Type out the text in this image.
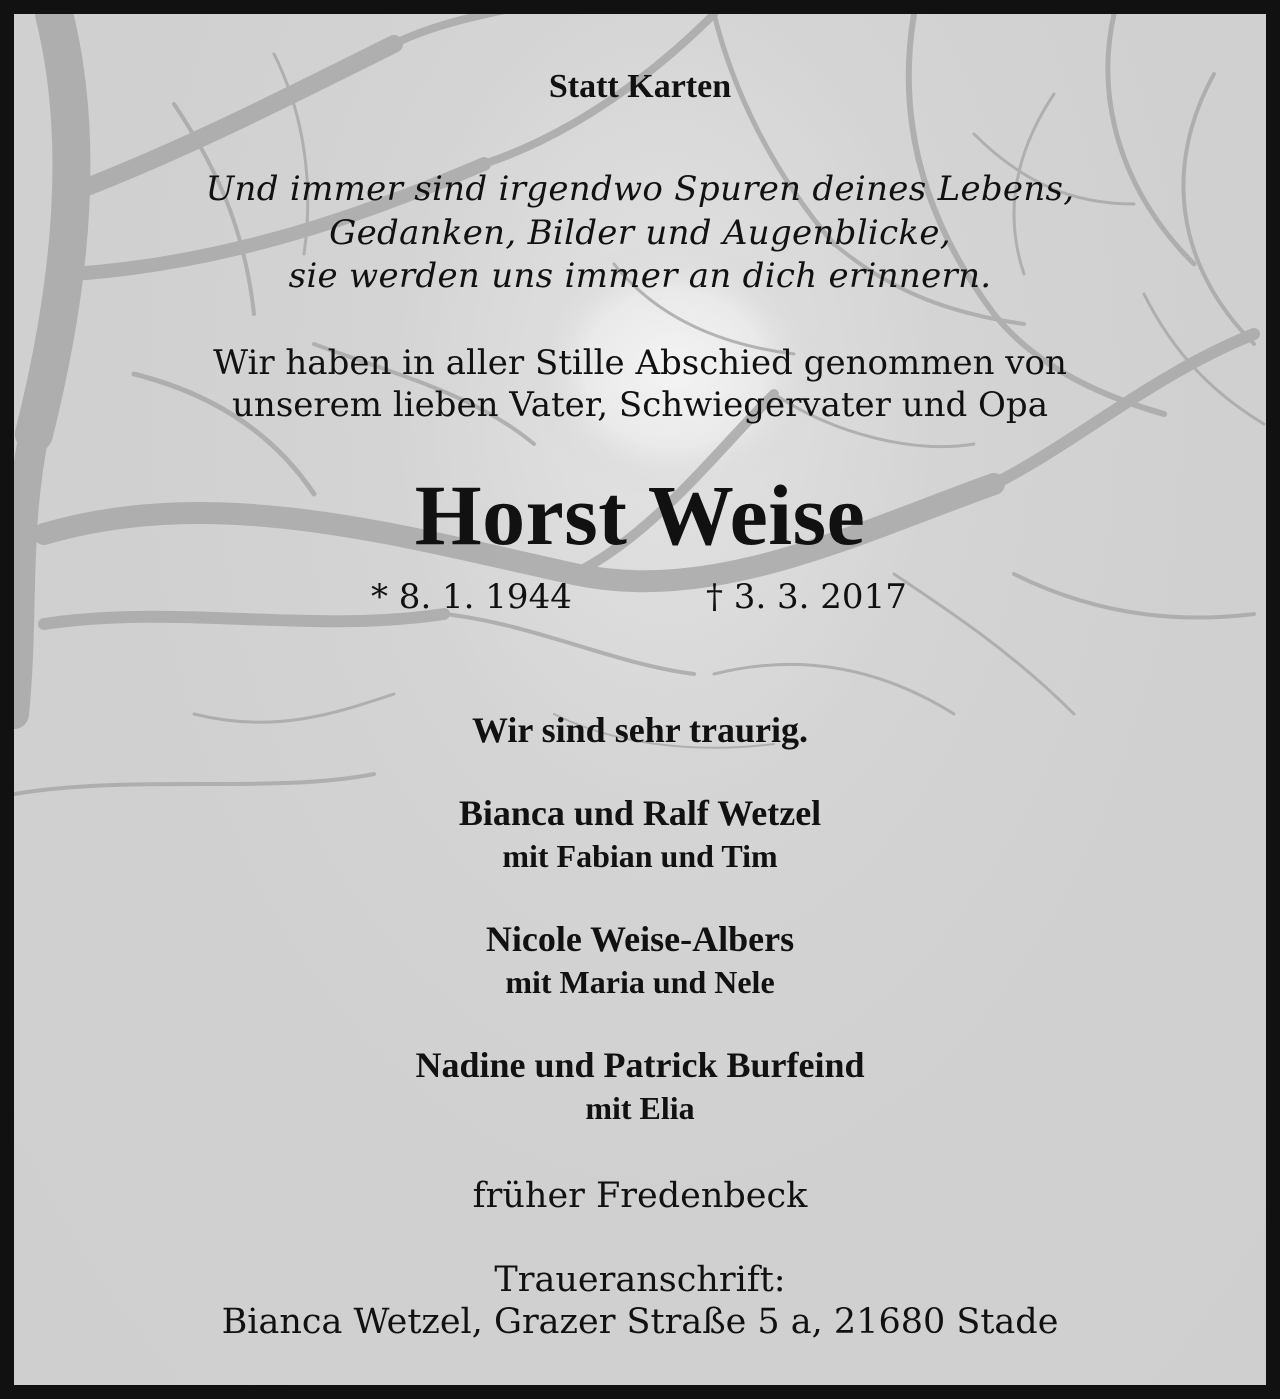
Statt Karten
Und immer sind irgendwo Spuren deines Lebens,
Gedanken, Bilder und Augenblicke,
sie werden uns immer an dich erinnern.
Wir haben in aller Stille Abschied genommen von
unserem lieben Vater, Schwiegervater und Opa
Horst Weise
* 8. 1. 1944	† 3. 3. 2017
Wir sind sehr traurig.
Bianca und Ralf Wetzel
mit Fabian und Tim
Nicole Weise-Albers
mit Maria und Nele
Nadine und Patrick Burfeind
mit Elia
früher Fredenbeck
Traueranschrift:
Bianca Wetzel, Grazer Straße 5 a, 21680 Stade
